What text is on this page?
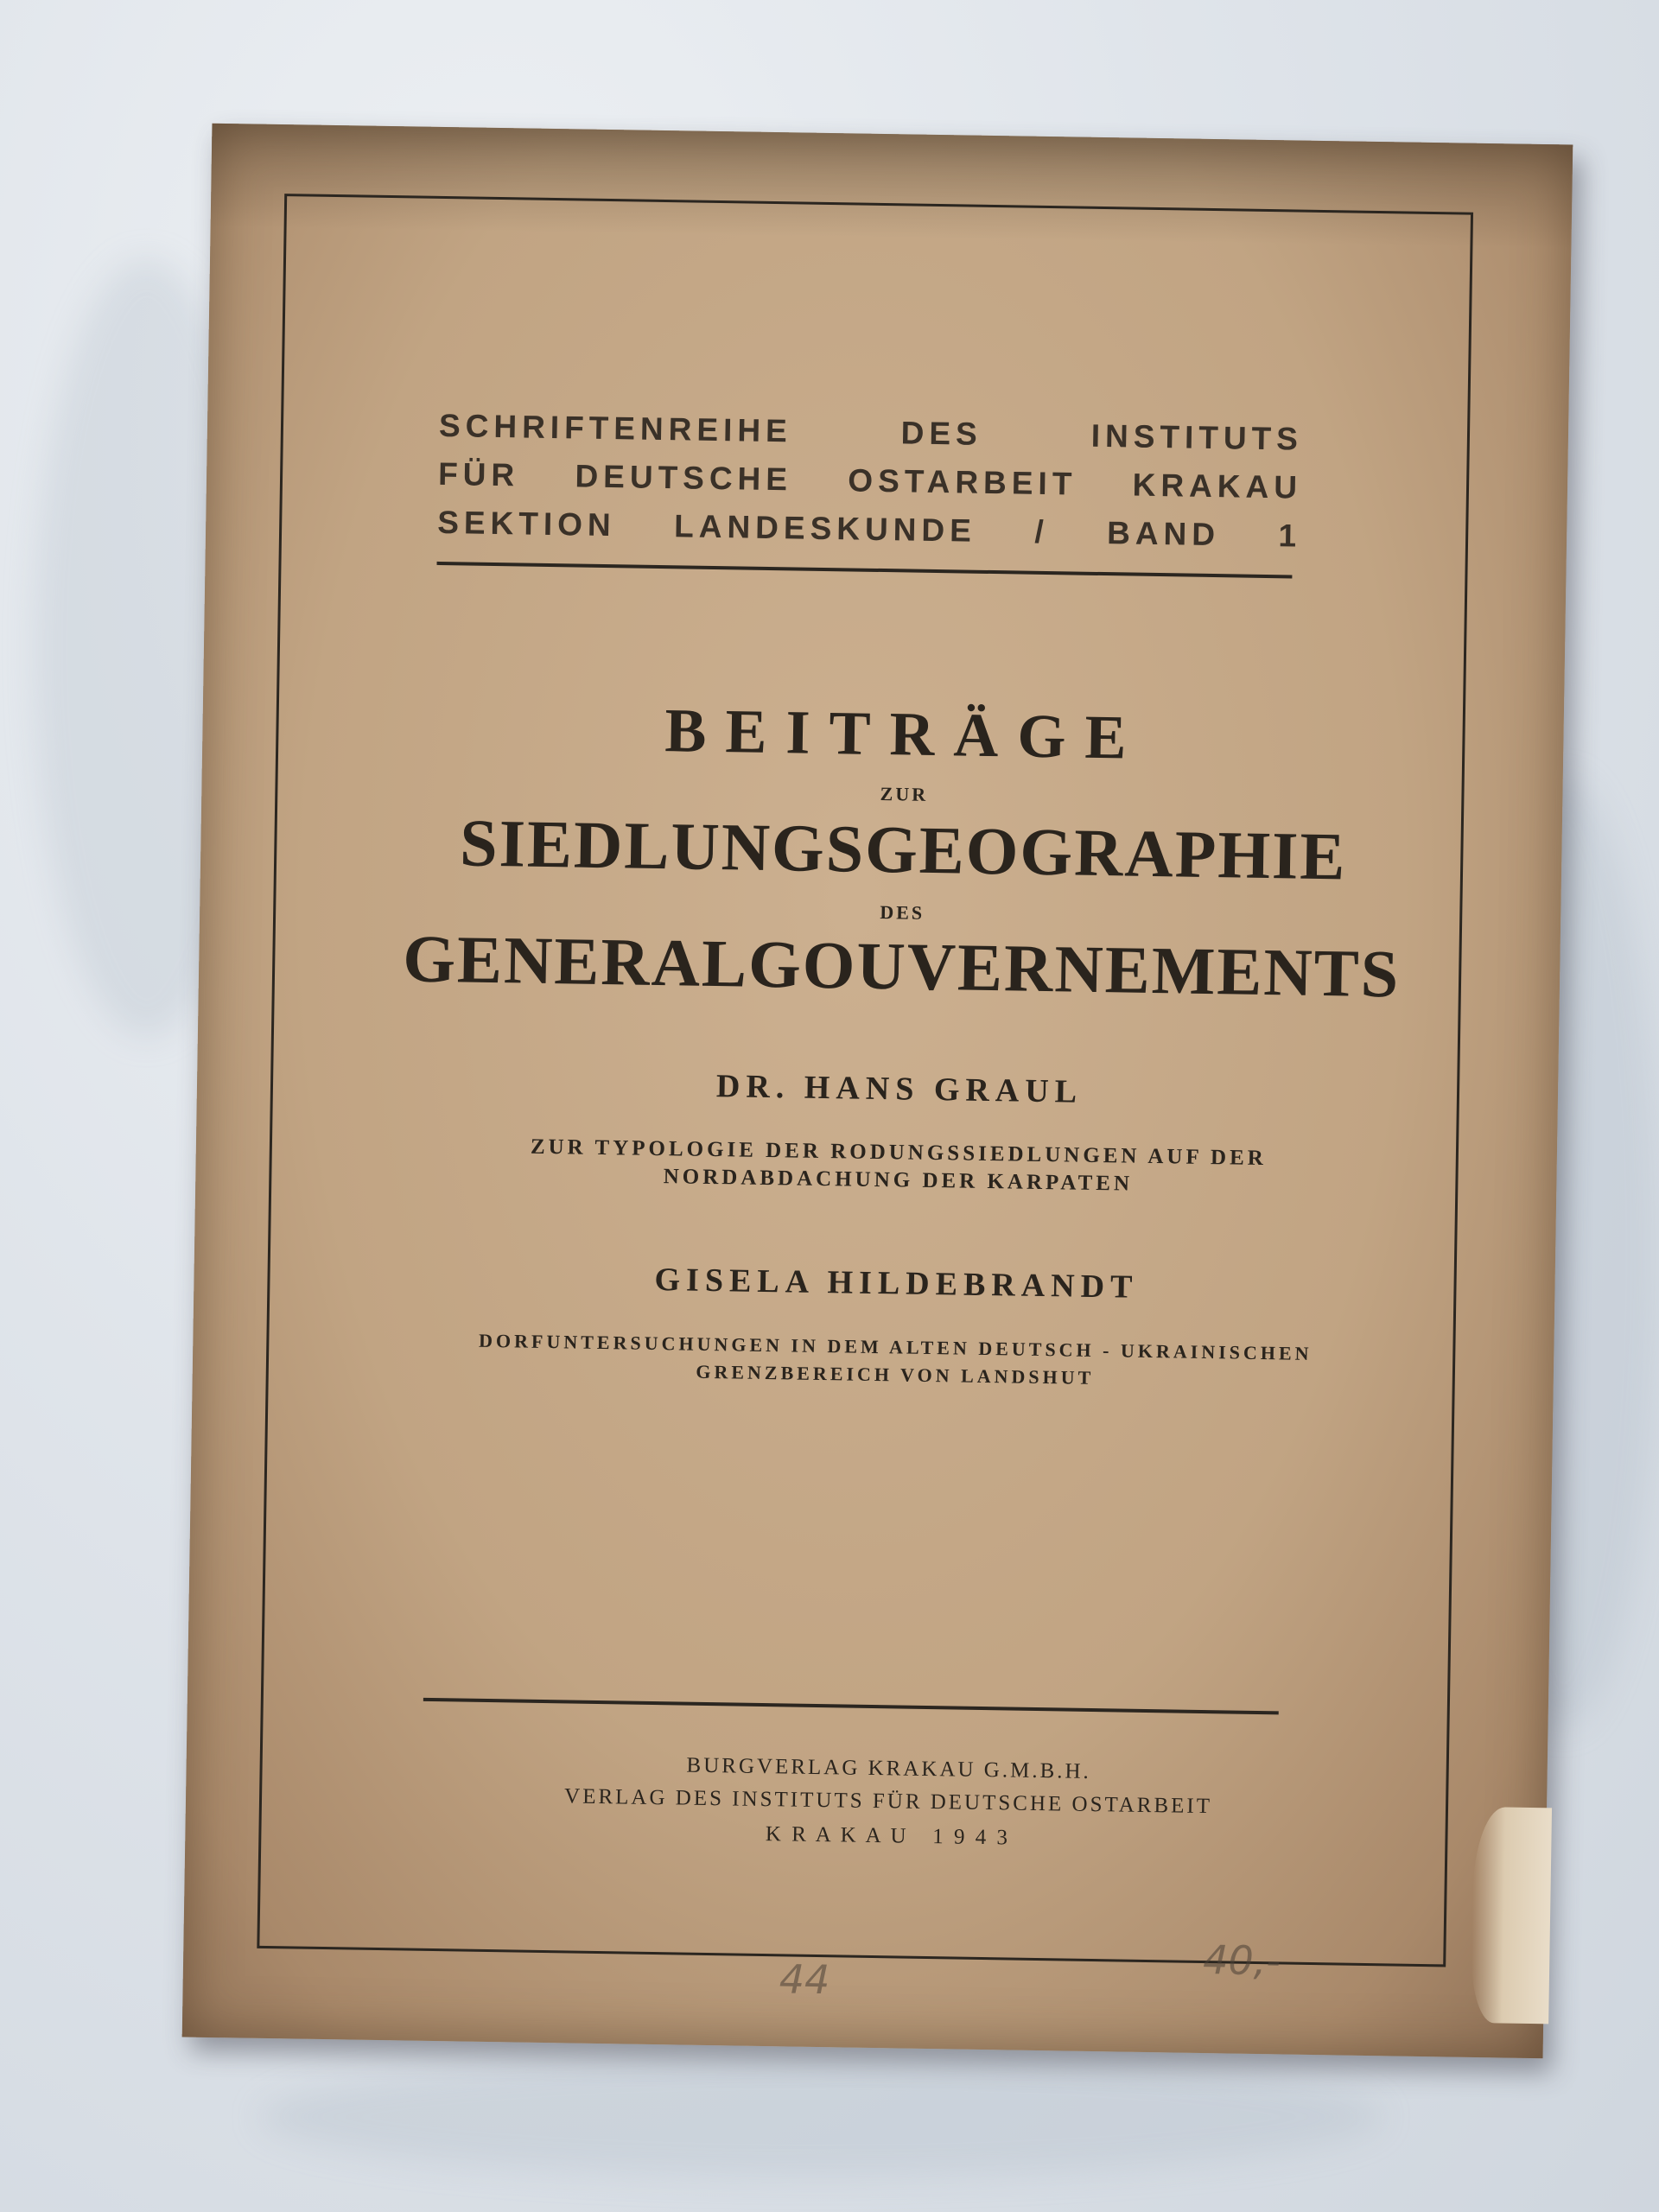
SCHRIFTENREIHE DES INSTITUTS
FÜR DEUTSCHE OSTARBEIT KRAKAU
SEKTION LANDESKUNDE / BAND 1
BEITRÄGE
ZUR
SIEDLUNGSGEOGRAPHIE
DES
GENERALGOUVERNEMENTS
DR. HANS GRAUL
ZUR TYPOLOGIE DER RODUNGSSIEDLUNGEN AUF DER
NORDABDACHUNG DER KARPATEN
GISELA HILDEBRANDT
DORFUNTERSUCHUNGEN IN DEM ALTEN DEUTSCH - UKRAINISCHEN
GRENZBEREICH VON LANDSHUT
BURGVERLAG KRAKAU G.M.B.H.
VERLAG DES INSTITUTS FÜR DEUTSCHE OSTARBEIT
K R A K A U   1 9 4 3
44	40,-
